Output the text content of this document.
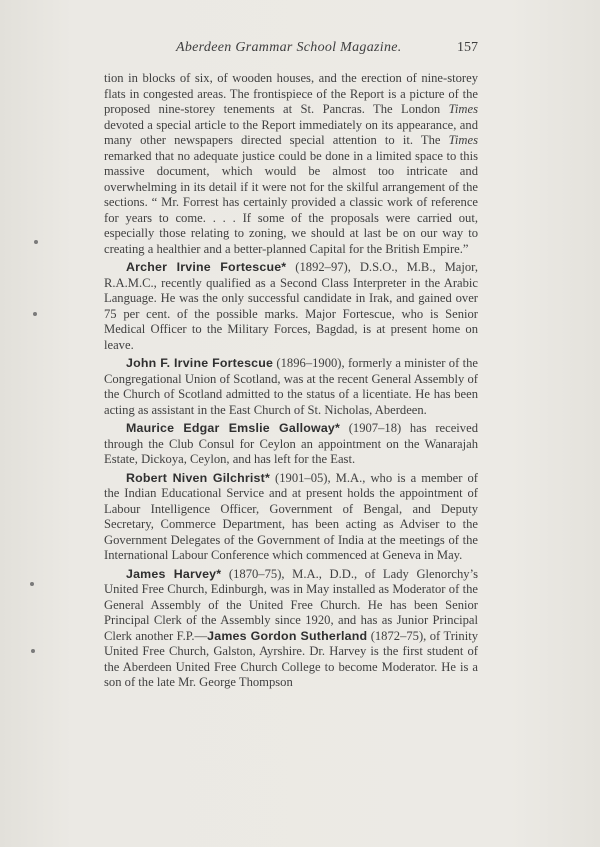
Aberdeen Grammar School Magazine.	157

tion in blocks of six, of wooden houses, and the erection of nine-storey flats in congested areas. The frontispiece of the Report is a picture of the proposed nine-storey tenements at St. Pancras. The London Times devoted a special article to the Report immediately on its appearance, and many other newspapers directed special attention to it. The Times remarked that no adequate justice could be done in a limited space to this massive document, which would be almost too intricate and overwhelming in its detail if it were not for the skilful arrangement of the sections. “ Mr. Forrest has certainly provided a classic work of reference for years to come. . . . If some of the proposals were carried out, especially those relating to zoning, we should at last be on our way to creating a healthier and a better-planned Capital for the British Empire.”

Archer Irvine Fortescue* (1892–97), D.S.O., M.B., Major, R.A.M.C., recently qualified as a Second Class Interpreter in the Arabic Language. He was the only successful candidate in Irak, and gained over 75 per cent. of the possible marks. Major Fortescue, who is Senior Medical Officer to the Military Forces, Bagdad, is at present home on leave.

John F. Irvine Fortescue (1896–1900), formerly a minister of the Congregational Union of Scotland, was at the recent General Assembly of the Church of Scotland admitted to the status of a licentiate. He has been acting as assistant in the East Church of St. Nicholas, Aberdeen.

Maurice Edgar Emslie Galloway* (1907–18) has received through the Club Consul for Ceylon an appointment on the Wanarajah Estate, Dickoya, Ceylon, and has left for the East.

Robert Niven Gilchrist* (1901–05), M.A., who is a member of the Indian Educational Service and at present holds the appointment of Labour Intelligence Officer, Government of Bengal, and Deputy Secretary, Commerce Department, has been acting as Adviser to the Government Delegates of the Government of India at the meetings of the International Labour Conference which commenced at Geneva in May.

James Harvey* (1870–75), M.A., D.D., of Lady Glenorchy’s United Free Church, Edinburgh, was in May installed as Moderator of the General Assembly of the United Free Church. He has been Senior Principal Clerk of the Assembly since 1920, and has as Junior Principal Clerk another F.P.—James Gordon Sutherland (1872–75), of Trinity United Free Church, Galston, Ayrshire. Dr. Harvey is the first student of the Aberdeen United Free Church College to become Moderator. He is a son of the late Mr. George Thompson
